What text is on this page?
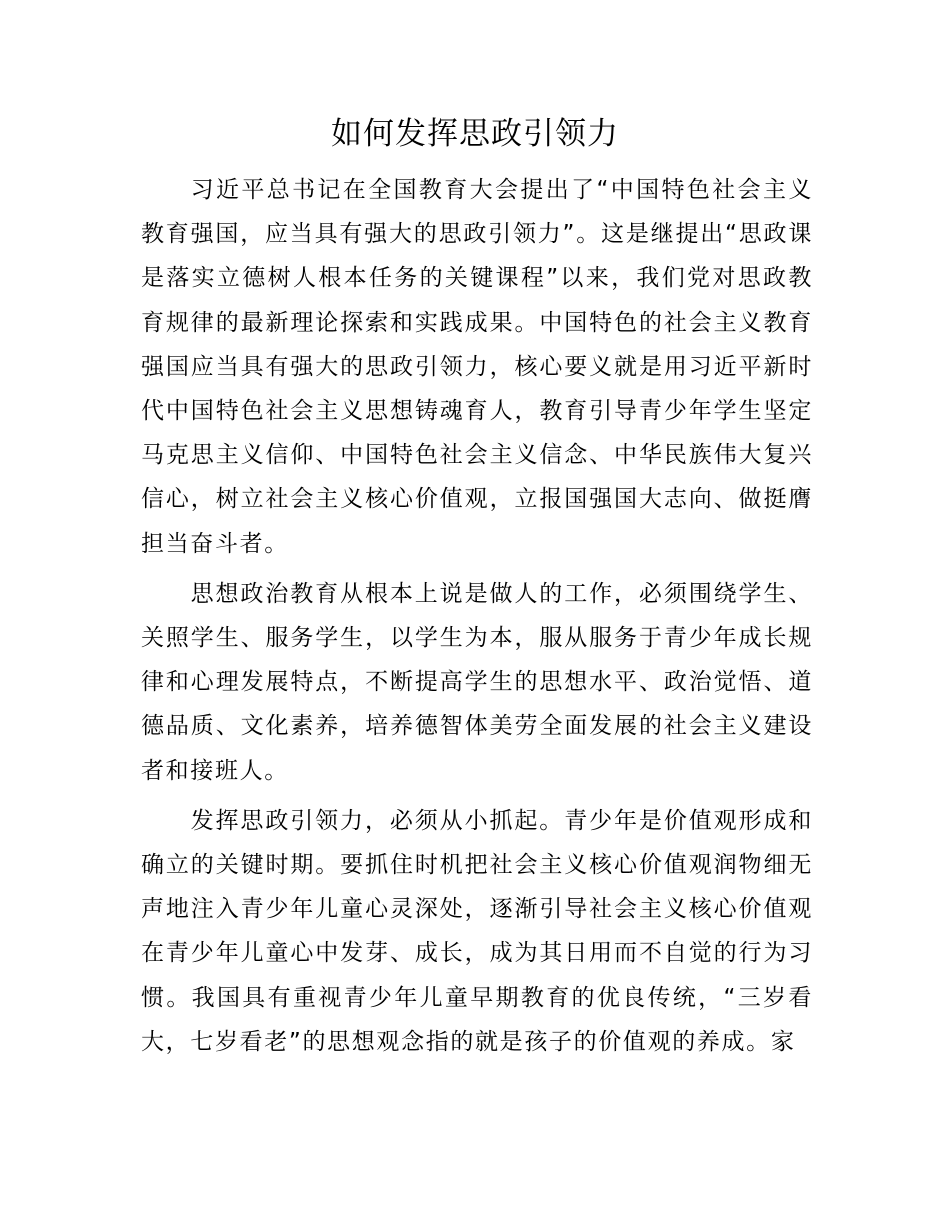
如何发挥思政引领力

习近平总书记在全国教育大会提出了“中国特色社会主义教育强国，应当具有强大的思政引领力”。这是继提出“思政课是落实立德树人根本任务的关键课程”以来，我们党对思政教育规律的最新理论探索和实践成果。中国特色的社会主义教育强国应当具有强大的思政引领力，核心要义就是用习近平新时代中国特色社会主义思想铸魂育人，教育引导青少年学生坚定马克思主义信仰、中国特色社会主义信念、中华民族伟大复兴信心，树立社会主义核心价值观，立报国强国大志向、做挺膺担当奋斗者。

思想政治教育从根本上说是做人的工作，必须围绕学生、关照学生、服务学生，以学生为本，服从服务于青少年成长规律和心理发展特点，不断提高学生的思想水平、政治觉悟、道德品质、文化素养，培养德智体美劳全面发展的社会主义建设者和接班人。

发挥思政引领力，必须从小抓起。青少年是价值观形成和确立的关键时期。要抓住时机把社会主义核心价值观润物细无声地注入青少年儿童心灵深处，逐渐引导社会主义核心价值观在青少年儿童心中发芽、成长，成为其日用而不自觉的行为习惯。我国具有重视青少年儿童早期教育的优良传统，“三岁看大，七岁看老”的思想观念指的就是孩子的价值观的养成。家
